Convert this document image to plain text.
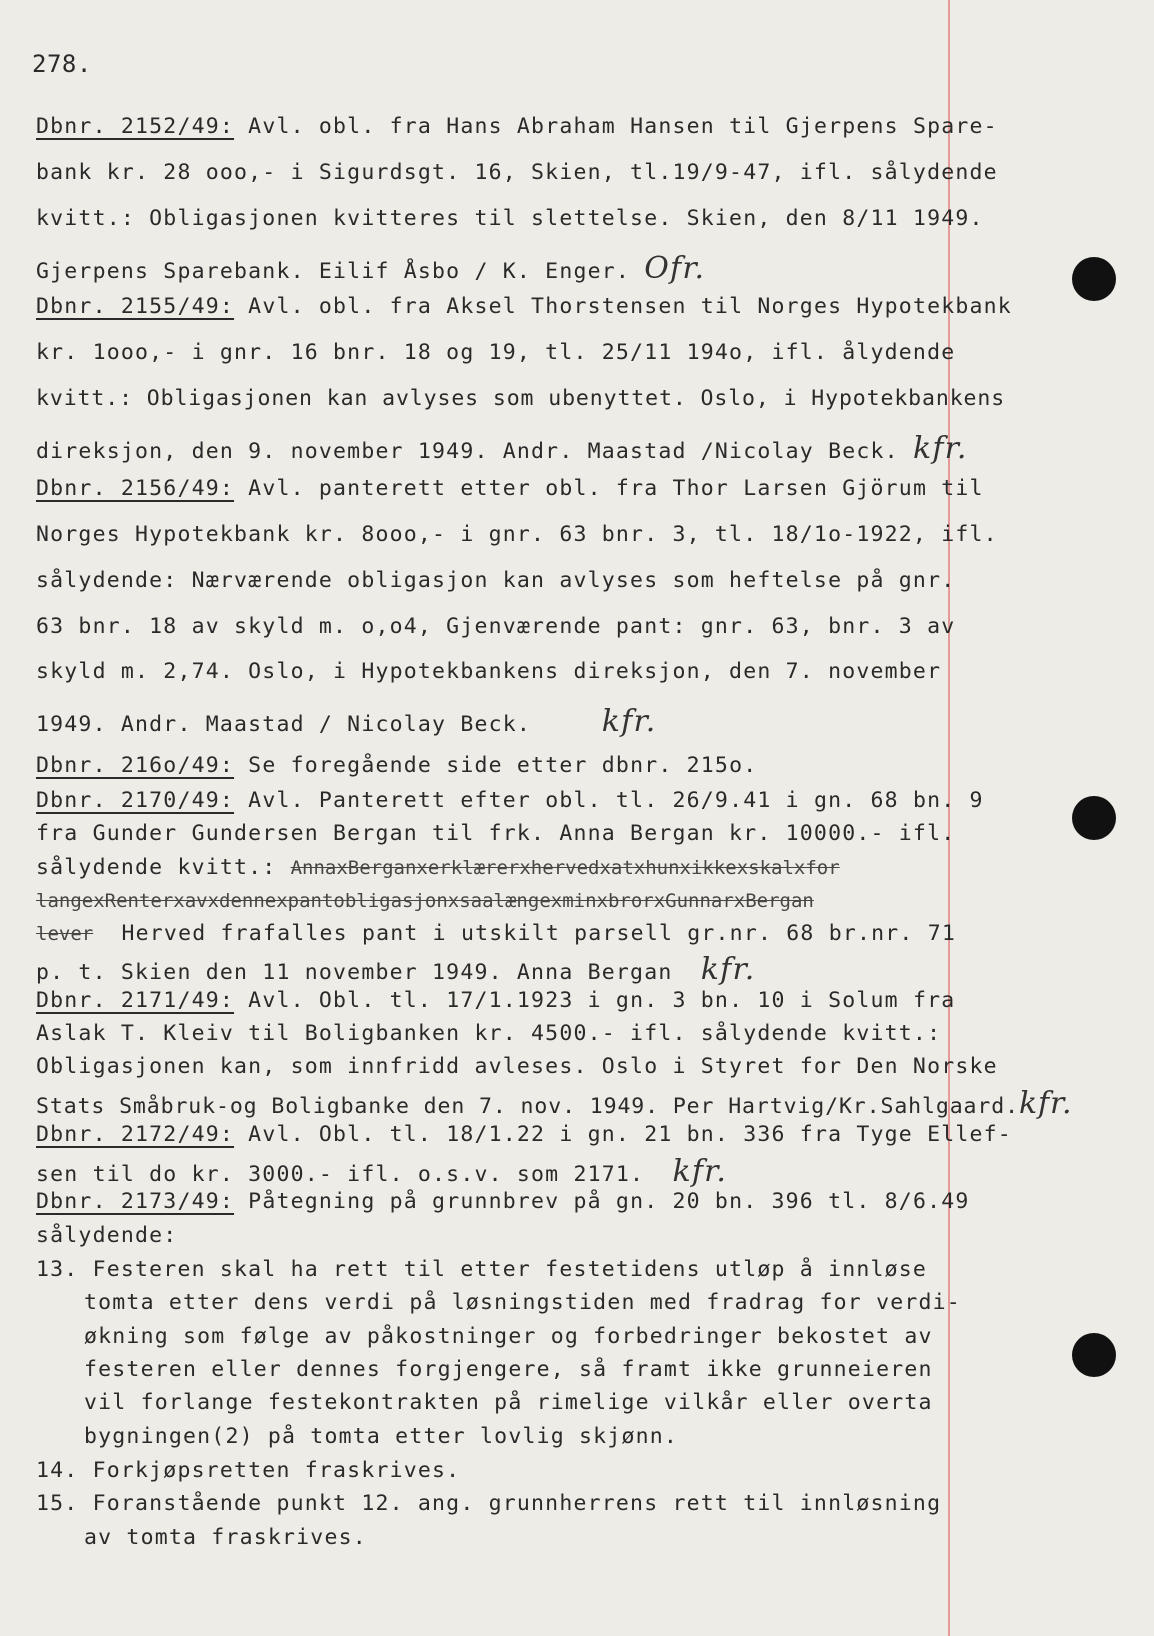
278.
Dbnr. 2152/49: Avl. obl. fra Hans Abraham Hansen til Gjerpens Spare-
bank kr. 28 ooo,- i Sigurdsgt. 16, Skien, tl.19/9-47, ifl. sålydende
kvitt.: Obligasjonen kvitteres til slettelse. Skien, den 8/11 1949.
Gjerpens Sparebank. Eilif Åsbo / K. Enger. Ofr.
Dbnr. 2155/49: Avl. obl. fra Aksel Thorstensen til Norges Hypotekbank
kr. 1ooo,- i gnr. 16 bnr. 18 og 19, tl. 25/11 194o, ifl. ålydende
kvitt.: Obligasjonen kan avlyses som ubenyttet. Oslo, i Hypotekbankens
direksjon, den 9. november 1949. Andr. Maastad /Nicolay Beck. kfr.
Dbnr. 2156/49: Avl. panterett etter obl. fra Thor Larsen Gjörum til
Norges Hypotekbank kr. 8ooo,- i gnr. 63 bnr. 3, tl. 18/1o-1922, ifl.
sålydende: Nærværende obligasjon kan avlyses som heftelse på gnr.
63 bnr. 18 av skyld m. o,o4, Gjenværende pant: gnr. 63, bnr. 3 av
skyld m. 2,74. Oslo, i Hypotekbankens direksjon, den 7. november
1949. Andr. Maastad / Nicolay Beck. kfr.
Dbnr. 216o/49: Se foregående side etter dbnr. 215o.
Dbnr. 2170/49: Avl. Panterett efter obl. tl. 26/9.41 i gn. 68 bn. 9
fra Gunder Gundersen Bergan til frk. Anna Bergan kr. 10000.- ifl.
sålydende kvitt.: AnnaxBerganxerklærerxhervedxatxhunxikkexskalxfor
langexRenterxavxdennexpantobligasjonxsaalængexminxbrorxGunnarxBergan
lever  Herved frafalles pant i utskilt parsell gr.nr. 68 br.nr. 71
p. t. Skien den 11 november 1949. Anna Bergan kfr.
Dbnr. 2171/49: Avl. Obl. tl. 17/1.1923 i gn. 3 bn. 10 i Solum fra
Aslak T. Kleiv til Boligbanken kr. 4500.- ifl. sålydende kvitt.:
Obligasjonen kan, som innfridd avleses. Oslo i Styret for Den Norske
Stats Småbruk-og Boligbanke den 7. nov. 1949. Per Hartvig/Kr.Sahlgaard.kfr.
Dbnr. 2172/49: Avl. Obl. tl. 18/1.22 i gn. 21 bn. 336 fra Tyge Ellef-
sen til do kr. 3000.- ifl. o.s.v. som 2171. kfr.
Dbnr. 2173/49: Påtegning på grunnbrev på gn. 20 bn. 396 tl. 8/6.49
sålydende:
13. Festeren skal ha rett til etter festetidens utløp å innløse
tomta etter dens verdi på løsningstiden med fradrag for verdi-
økning som følge av påkostninger og forbedringer bekostet av
festeren eller dennes forgjengere, så framt ikke grunneieren
vil forlange festekontrakten på rimelige vilkår eller overta
bygningen(2) på tomta etter lovlig skjønn.
14. Forkjøpsretten fraskrives.
15. Foranstående punkt 12. ang. grunnherrens rett til innløsning
av tomta fraskrives.
